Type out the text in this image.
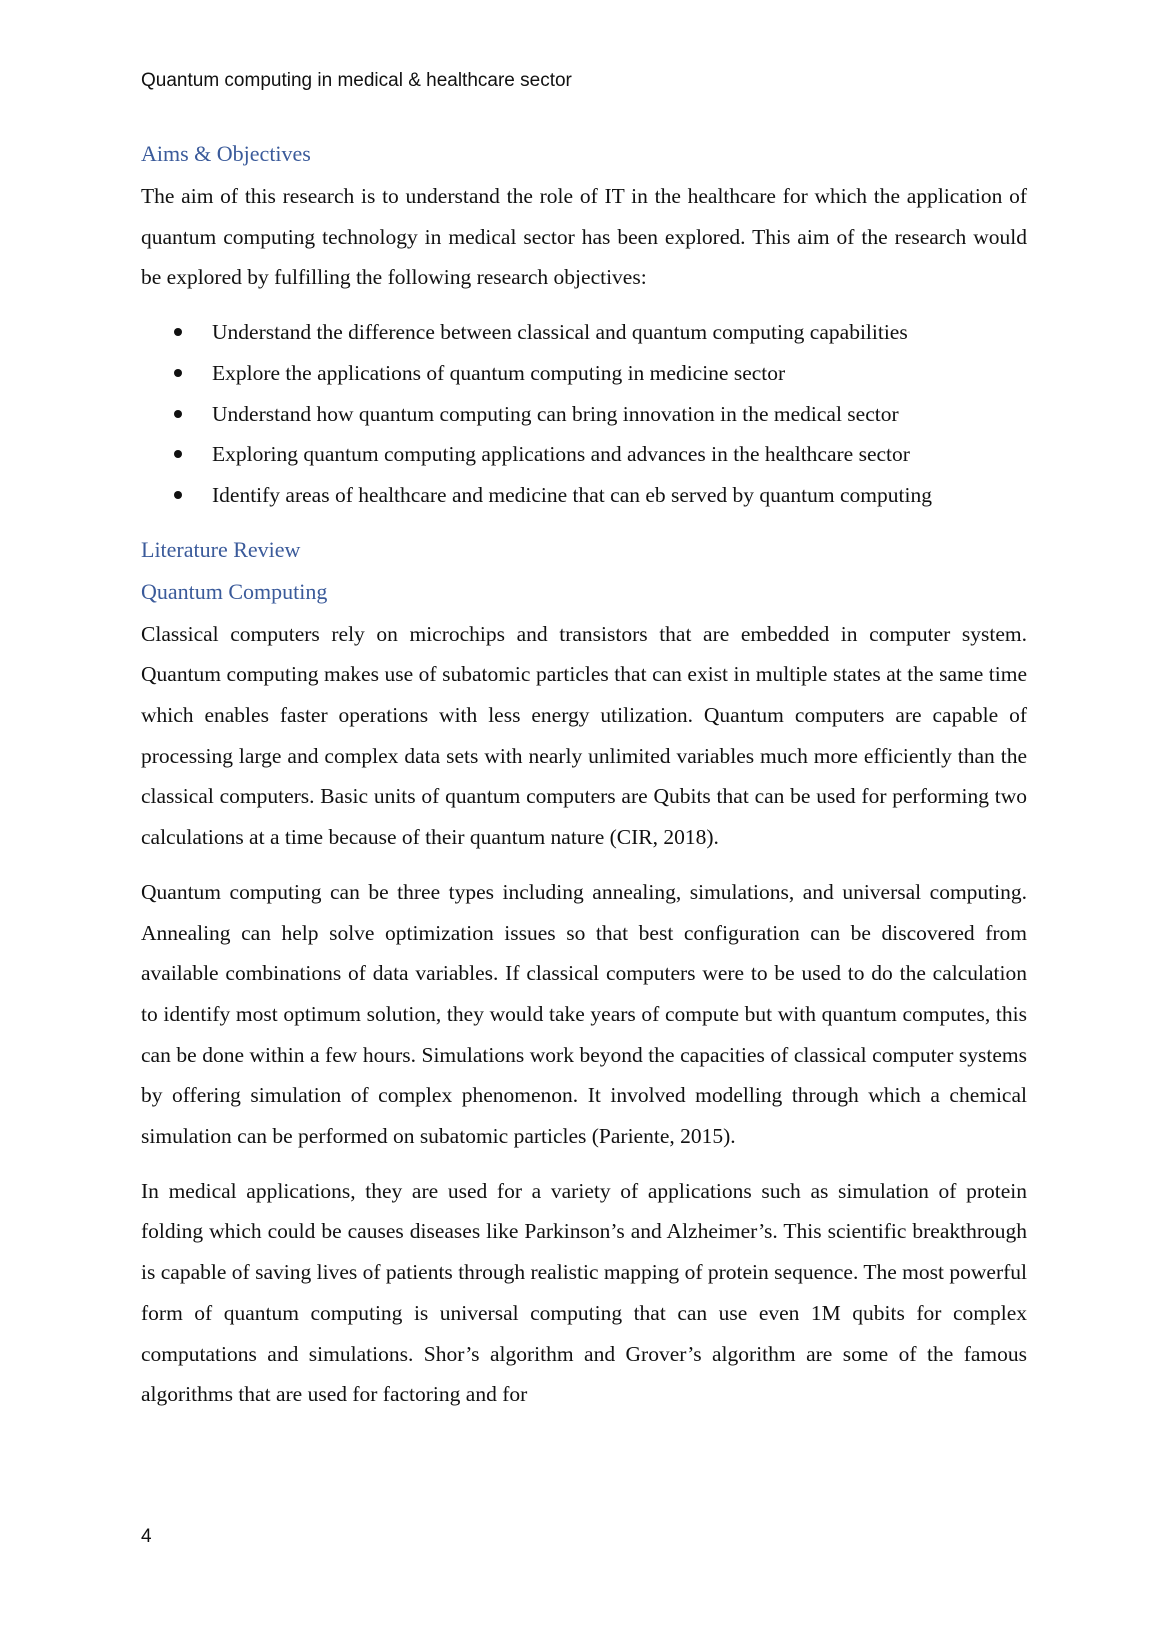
Quantum computing in medical & healthcare sector
Aims & Objectives

The aim of this research is to understand the role of IT in the healthcare for which the application of quantum computing technology in medical sector has been explored. This aim of the research would be explored by fulfilling the following research objectives:

Understand the difference between classical and quantum computing capabilities
Explore the applications of quantum computing in medicine sector
Understand how quantum computing can bring innovation in the medical sector
Exploring quantum computing applications and advances in the healthcare sector
Identify areas of healthcare and medicine that can eb served by quantum computing
Literature Review
Quantum Computing

Classical computers rely on microchips and transistors that are embedded in computer system. Quantum computing makes use of subatomic particles that can exist in multiple states at the same time which enables faster operations with less energy utilization. Quantum computers are capable of processing large and complex data sets with nearly unlimited variables much more efficiently than the classical computers. Basic units of quantum computers are Qubits that can be used for performing two calculations at a time because of their quantum nature (CIR, 2018).

Quantum computing can be three types including annealing, simulations, and universal computing. Annealing can help solve optimization issues so that best configuration can be discovered from available combinations of data variables. If classical computers were to be used to do the calculation to identify most optimum solution, they would take years of compute but with quantum computes, this can be done within a few hours. Simulations work beyond the capacities of classical computer systems by offering simulation of complex phenomenon. It involved modelling through which a chemical simulation can be performed on subatomic particles (Pariente, 2015).

In medical applications, they are used for a variety of applications such as simulation of protein folding which could be causes diseases like Parkinson’s and Alzheimer’s. This scientific breakthrough is capable of saving lives of patients through realistic mapping of protein sequence. The most powerful form of quantum computing is universal computing that can use even 1M qubits for complex computations and simulations. Shor’s algorithm and Grover’s algorithm are some of the famous algorithms that are used for factoring and for

4
